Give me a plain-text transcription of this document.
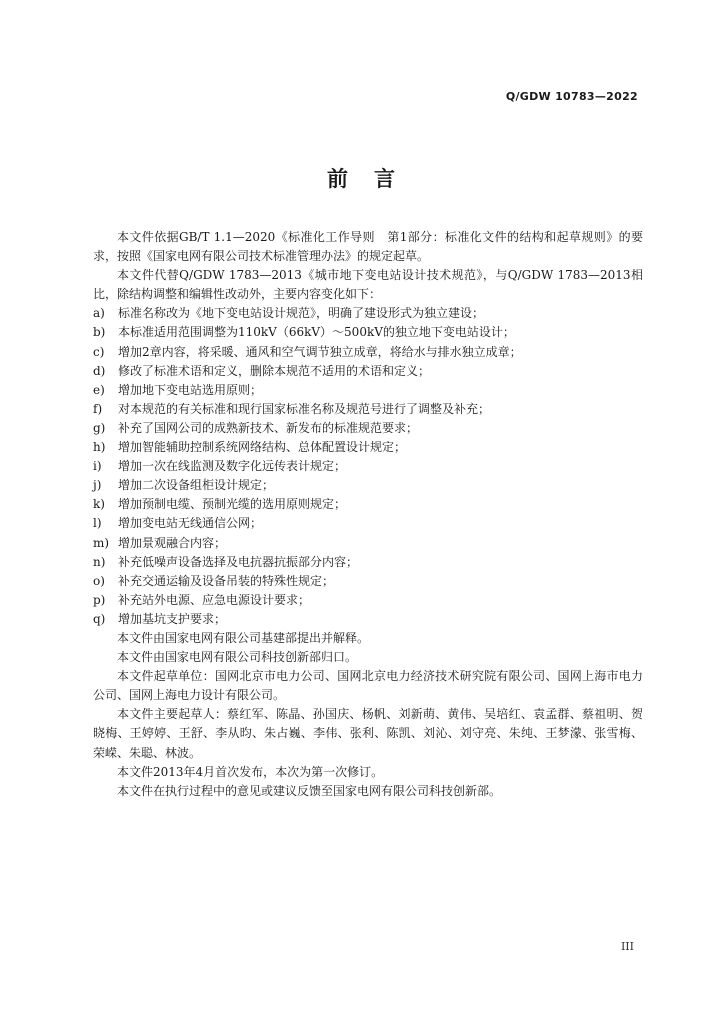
Q/GDW 10783—2022
前言

本文件依据GB/T 1.1—2020《标准化工作导则　第1部分：标准化文件的结构和起草规则》的要求，按照《国家电网有限公司技术标准管理办法》的规定起草。

本文件代替Q/GDW 1783—2013《城市地下变电站设计技术规范》，与Q/GDW 1783—2013相比，除结构调整和编辑性改动外，主要内容变化如下：

a)	标准名称改为《地下变电站设计规范》，明确了建设形式为独立建设；
b)	本标准适用范围调整为110kV（66kV）～500kV的独立地下变电站设计；
c)	增加2章内容，将采暖、通风和空气调节独立成章，将给水与排水独立成章；
d)	修改了标准术语和定义，删除本规范不适用的术语和定义；
e)	增加地下变电站选用原则；
f)	对本规范的有关标准和现行国家标准名称及规范号进行了调整及补充；
g)	补充了国网公司的成熟新技术、新发布的标准规范要求；
h)	增加智能辅助控制系统网络结构、总体配置设计规定；
i)	增加一次在线监测及数字化远传表计规定；
j)	增加二次设备组柜设计规定；
k)	增加预制电缆、预制光缆的选用原则规定；
l)	增加变电站无线通信公网；
m) 增加景观融合内容；
n)	补充低噪声设备选择及电抗器抗振部分内容；
o)	补充交通运输及设备吊装的特殊性规定；
p)	补充站外电源、应急电源设计要求；
q)	增加基坑支护要求；

本文件由国家电网有限公司基建部提出并解释。

本文件由国家电网有限公司科技创新部归口。

本文件起草单位：国网北京市电力公司、国网北京电力经济技术研究院有限公司、国网上海市电力公司、国网上海电力设计有限公司。

本文件主要起草人：蔡红军、陈晶、孙国庆、杨帆、刘新萌、黄伟、吴培红、袁孟群、蔡祖明、贺晓梅、王婷婷、王舒、李从昀、朱占巍、李伟、张利、陈凯、刘沁、刘守亮、朱纯、王梦濛、张雪梅、荣嵘、朱聪、林波。

本文件2013年4月首次发布，本次为第一次修订。

本文件在执行过程中的意见或建议反馈至国家电网有限公司科技创新部。

III
